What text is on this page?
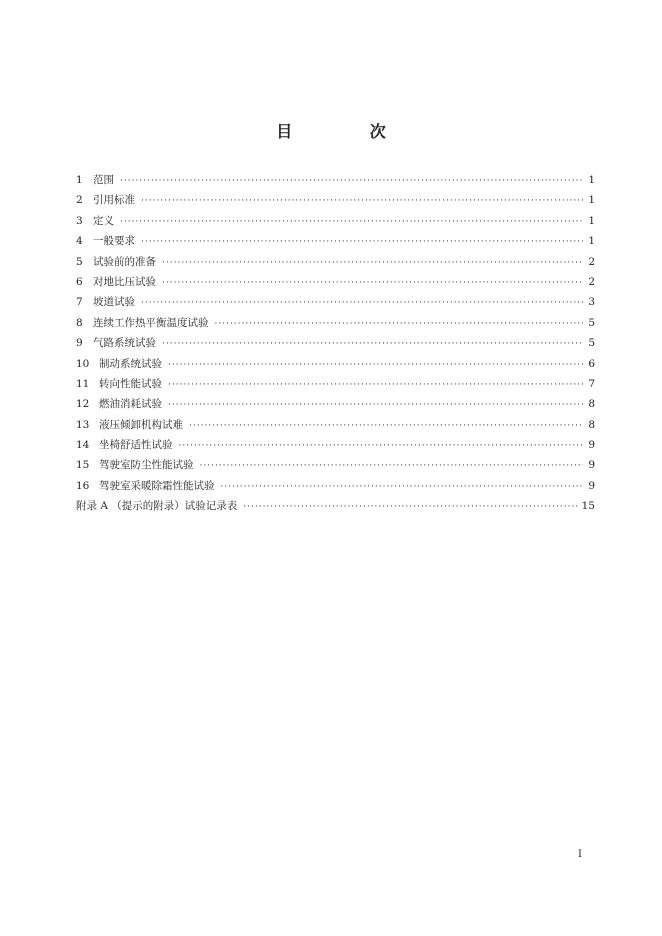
目 次
1 范围 ·····	1
2 引用标准 ·····	1
3 定义 ·····	1
4 一般要求 ·····	1
5 试验前的准备 ·····	2
6 对地比压试验 ·····	2
7 坡道试验 ·····	3
8 连续工作热平衡温度试验 ·····	5
9 气路系统试验 ·····	5
10 制动系统试验 ·····	6
11 转向性能试验 ·····	7
12 燃油消耗试验 ·····	8
13 液压倾卸机构试难 ·····	8
14 坐椅舒适性试验 ·····	9
15 驾驶室防尘性能试验 ·····	9
16 驾驶室采暖除霜性能试验 ·····	9
附录 A （提示的附录）试验记录表 ·····	15
I
